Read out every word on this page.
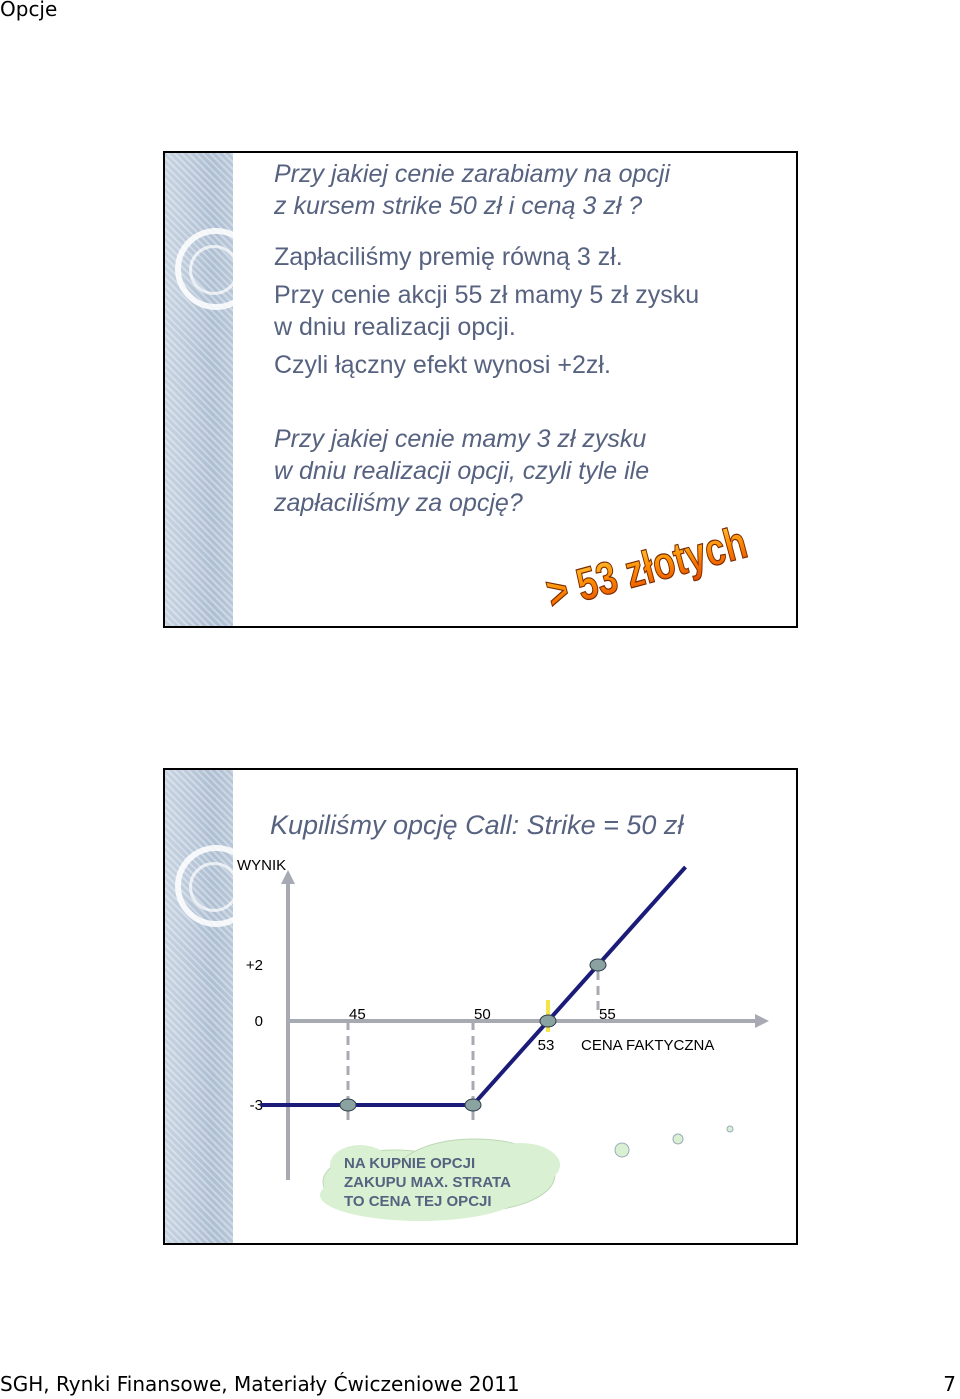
Opcje
Przy jakiej cenie zarabiamy na opcji
z kursem strike 50 zł i ceną 3 zł ?
Zapłaciliśmy premię równą 3 zł.
Przy cenie akcji 55 zł mamy 5 zł zysku
w dniu realizacji opcji.
Czyli łączny efekt wynosi +2zł.
Przy jakiej cenie mamy 3 zł zysku
w dniu realizacji opcji, czyli tyle ile
zapłaciliśmy za opcję? > 53 złotych
Kupiliśmy opcję Call: Strike = 50 zł
WYNIK
CENA FAKTYCZNA
+2
0
-3
45	50
53
55
NA KUPNIE OPCJI
ZAKUPU MAX. STRATA
TO CENA TEJ OPCJI
SGH, Rynki Finansowe, Materiały Ćwiczeniowe 2011	7
